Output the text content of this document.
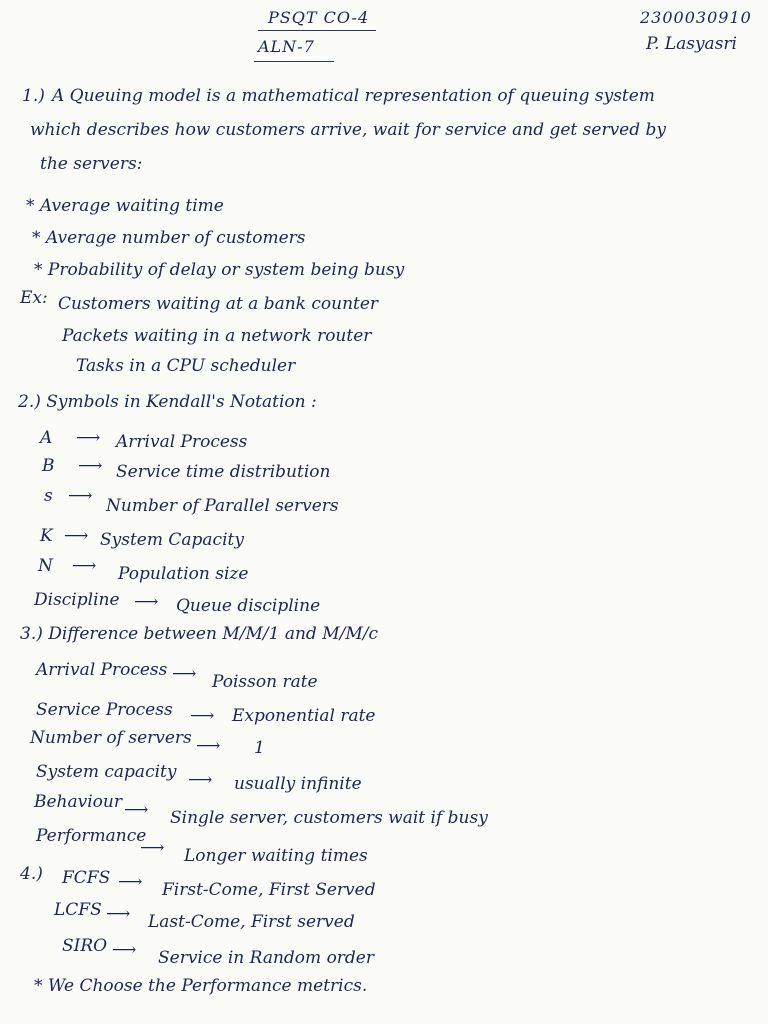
PSQT CO-4
ALN-7
2300030910
P. Lasyasri
1.) A Queuing model is a mathematical representation of queuing system
which describes how customers arrive, wait for service and get served by
the servers:
* Average waiting time
* Average number of customers
* Probability of delay or system being busy
Ex: Customers waiting at a bank counter
Packets waiting in a network router
Tasks in a CPU scheduler
2.) Symbols in Kendall's Notation :
A ⟶ Arrival Process
B ⟶ Service time distribution
s ⟶ Number of Parallel servers
K ⟶ System Capacity
N ⟶ Population size
Discipline ⟶ Queue discipline
3.) Difference between M/M/1 and M/M/c
Arrival Process ⟶ Poisson rate
Service Process ⟶ Exponential rate
Number of servers ⟶ 1
System capacity ⟶ usually infinite
Behaviour ⟶ Single server, customers wait if busy
Performance
⟶ Longer waiting times
4.) FCFS ⟶ First-Come, First Served
LCFS ⟶ Last-Come, First served
SIRO ⟶ Service in Random order
* We Choose the Performance metrics.
